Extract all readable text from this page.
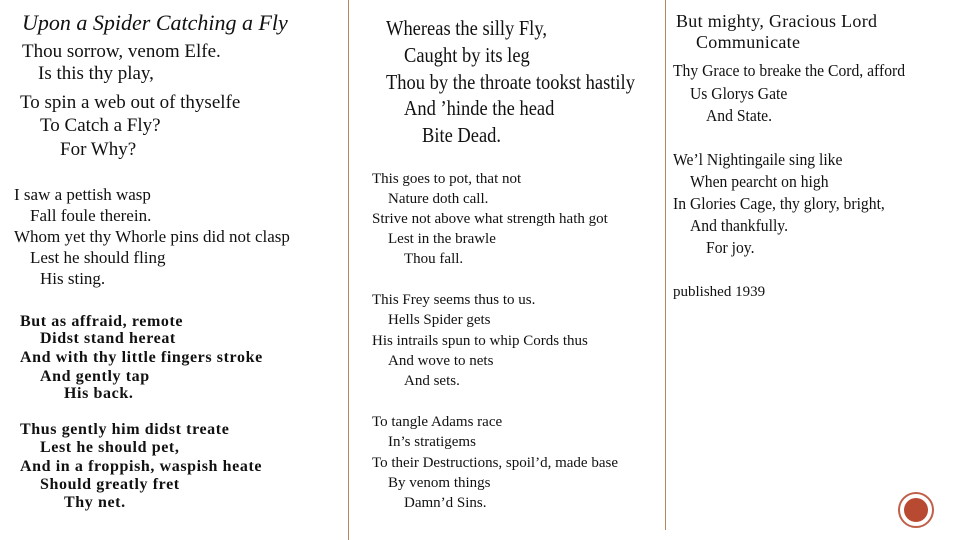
Upon a Spider Catching a Fly
Thou sorrow, venom Elfe.
Is this thy play,
To spin a web out of thyselfe
To Catch a Fly?
For Why?
I saw a pettish wasp
Fall foule therein.
Whom yet thy Whorle pins did not clasp
Lest he should fling
His sting.
But as affraid, remote
Didst stand hereat
And with thy little fingers stroke
And gently tap
His back.
Thus gently him didst treate
Lest he should pet,
And in a froppish, waspish heate
Should greatly fret
Thy net.
Whereas the silly Fly,
Caught by its leg
Thou by the throate tookst hastily
And ’hinde the head
Bite Dead.
This goes to pot, that not
Nature doth call.
Strive not above what strength hath got
Lest in the brawle
Thou fall.
This Frey seems thus to us.
Hells Spider gets
His intrails spun to whip Cords thus
And wove to nets
And sets.
To tangle Adams race
In’s stratigems
To their Destructions, spoil’d, made base
By venom things
Damn’d Sins.
But mighty, Gracious Lord
Communicate
Thy Grace to breake the Cord, afford
Us Glorys Gate
And State.
We’l Nightingaile sing like
When pearcht on high
In Glories Cage, thy glory, bright,
And thankfully.
For joy.
published 1939
